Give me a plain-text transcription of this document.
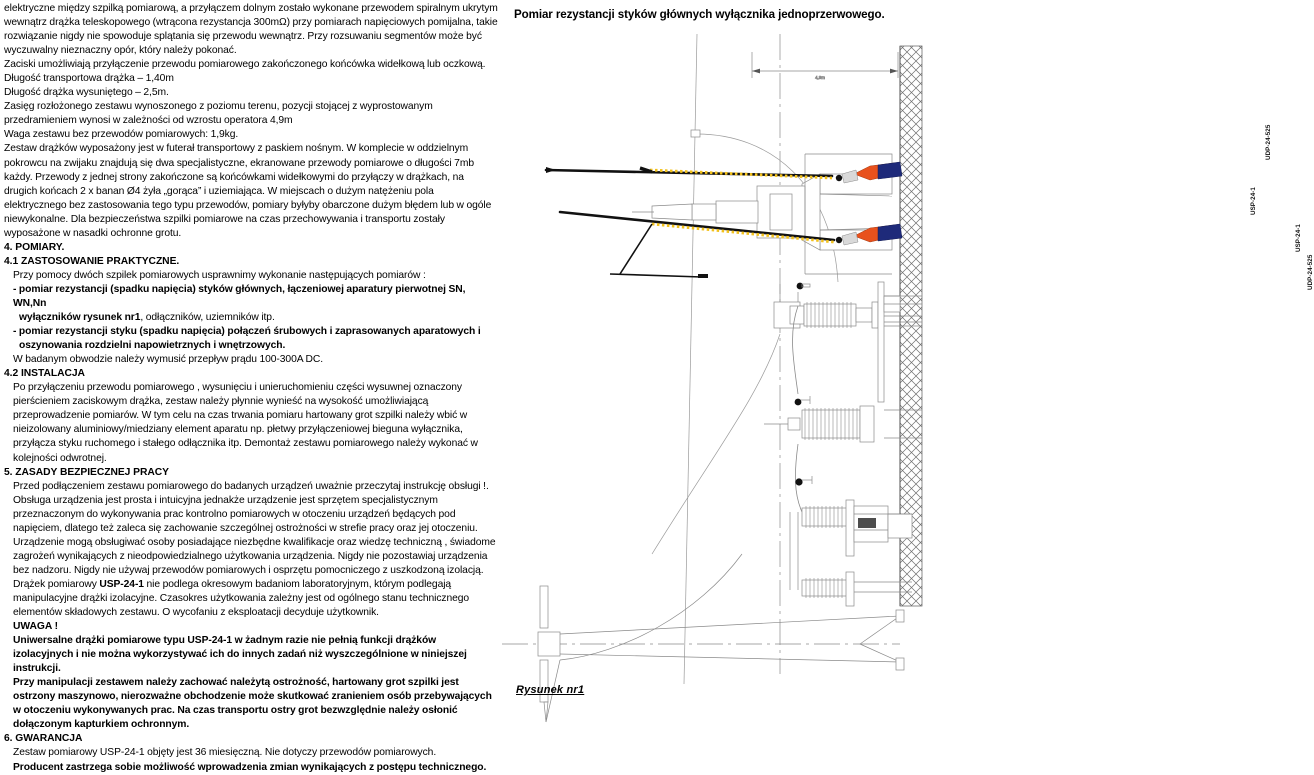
elektryczne między szpilką pomiarową, a przyłączem dolnym zostało wykonane przewodem spiralnym ukrytym wewnątrz drążka teleskopowego (wtrącona rezystancja 300mΩ) przy pomiarach napięciowych pomijalna, takie rozwiązanie nigdy nie spowoduje splątania się przewodu wewnątrz. Przy rozsuwaniu segmentów może być wyczuwalny nieznaczny opór, który należy pokonać.

Zaciski umożliwiają przyłączenie przewodu pomiarowego zakończonego końcówka widełkową lub oczkową.

Długość transportowa drążka – 1,40m

Długość drążka wysuniętego – 2,5m.

Zasięg rozłożonego zestawu wynoszonego z poziomu terenu, pozycji stojącej z wyprostowanym przedramieniem wynosi w zależności od wzrostu operatora 4,9m

Waga zestawu bez przewodów pomiarowych: 1,9kg.

Zestaw drążków wyposażony jest w futerał transportowy z paskiem nośnym. W komplecie w oddzielnym pokrowcu na zwijaku znajdują się dwa specjalistyczne, ekranowane przewody pomiarowe o długości 7mb każdy. Przewody z jednej strony zakończone są końcówkami widełkowymi do przyłączy w drążkach, na drugich końcach 2 x banan Ø4 żyła „gorąca” i uziemiająca. W miejscach o dużym natężeniu pola elektrycznego bez zastosowania tego typu przewodów, pomiary byłyby obarczone dużym błędem lub w ogóle niewykonalne. Dla bezpieczeństwa szpilki pomiarowe na czas przechowywania i transportu zostały wyposażone w nasadki ochronne grotu.

4. POMIARY.

4.1 ZASTOSOWANIE PRAKTYCZNE.

Przy pomocy dwóch szpilek pomiarowych usprawnimy wykonanie następujących pomiarów :

- pomiar rezystancji (spadku napięcia) styków głównych, łączeniowej aparatury pierwotnej SN, WN,Nn

wyłączników rysunek nr1, odłączników, uziemników itp.

- pomiar rezystancji styku (spadku napięcia) połączeń śrubowych i zaprasowanych aparatowych i

oszynowania rozdzielni napowietrznych i wnętrzowych.

W badanym obwodzie należy wymusić przepływ prądu 100-300A DC.

4.2 INSTALACJA

Po przyłączeniu przewodu pomiarowego , wysunięciu i unieruchomieniu części wysuwnej oznaczony pierścieniem zaciskowym drążka, zestaw należy płynnie wynieść na wysokość umożliwiającą przeprowadzenie pomiarów. W tym celu na czas trwania pomiaru hartowany grot szpilki należy wbić w nieizolowany aluminiowy/miedziany element aparatu np. płetwy przyłączeniowej bieguna wyłącznika, przyłącza styku ruchomego i stałego odłącznika itp. Demontaż zestawu pomiarowego należy wykonać w kolejności odwrotnej.

5. ZASADY BEZPIECZNEJ PRACY

Przed podłączeniem zestawu pomiarowego do badanych urządzeń uważnie przeczytaj instrukcję obsługi !.

Obsługa urządzenia jest prosta i intuicyjna jednakże urządzenie jest sprzętem specjalistycznym przeznaczonym do wykonywania prac kontrolno pomiarowych w otoczeniu urządzeń będących pod napięciem, dlatego też zaleca się zachowanie szczególnej ostrożności w strefie pracy oraz jej otoczeniu. Urządzenie mogą obsługiwać osoby posiadające niezbędne kwalifikacje oraz wiedzę techniczną , świadome zagrożeń wynikających z nieodpowiedzialnego użytkowania urządzenia. Nigdy nie pozostawiaj urządzenia bez nadzoru. Nigdy nie używaj przewodów pomiarowych i osprzętu pomocniczego z uszkodzoną izolacją. Drążek pomiarowy USP-24-1 nie podlega okresowym badaniom laboratoryjnym, którym podlegają manipulacyjne drążki izolacyjne. Czasokres użytkowania zależny jest od ogólnego stanu technicznego elementów składowych zestawu. O wycofaniu z eksploatacji decyduje użytkownik.

UWAGA !

Uniwersalne drążki pomiarowe typu USP-24-1 w żadnym razie nie pełnią funkcji drążków izolacyjnych i nie można wykorzystywać ich do innych zadań niż wyszczególnione w niniejszej instrukcji.

Przy manipulacji zestawem należy zachować należytą ostrożność, hartowany grot szpilki jest ostrzony maszynowo, nierozważne obchodzenie może skutkować zranieniem osób przebywających w otoczeniu wykonywanych prac. Na czas transportu ostry grot bezwzględnie należy osłonić dołączonym kapturkiem ochronnym.

6. GWARANCJA

Zestaw pomiarowy USP-24-1 objęty jest 36 miesięczną. Nie dotyczy przewodów pomiarowych.

Producent zastrzega sobie możliwość wprowadzenia zmian wynikających z postępu technicznego.

Pomiar rezystancji styków głównych wyłącznika jednoprzerwowego.
4,9m
UDP-24-525
USP-24-1
USP-24-1
UDP-24-525
Rysunek nr1
